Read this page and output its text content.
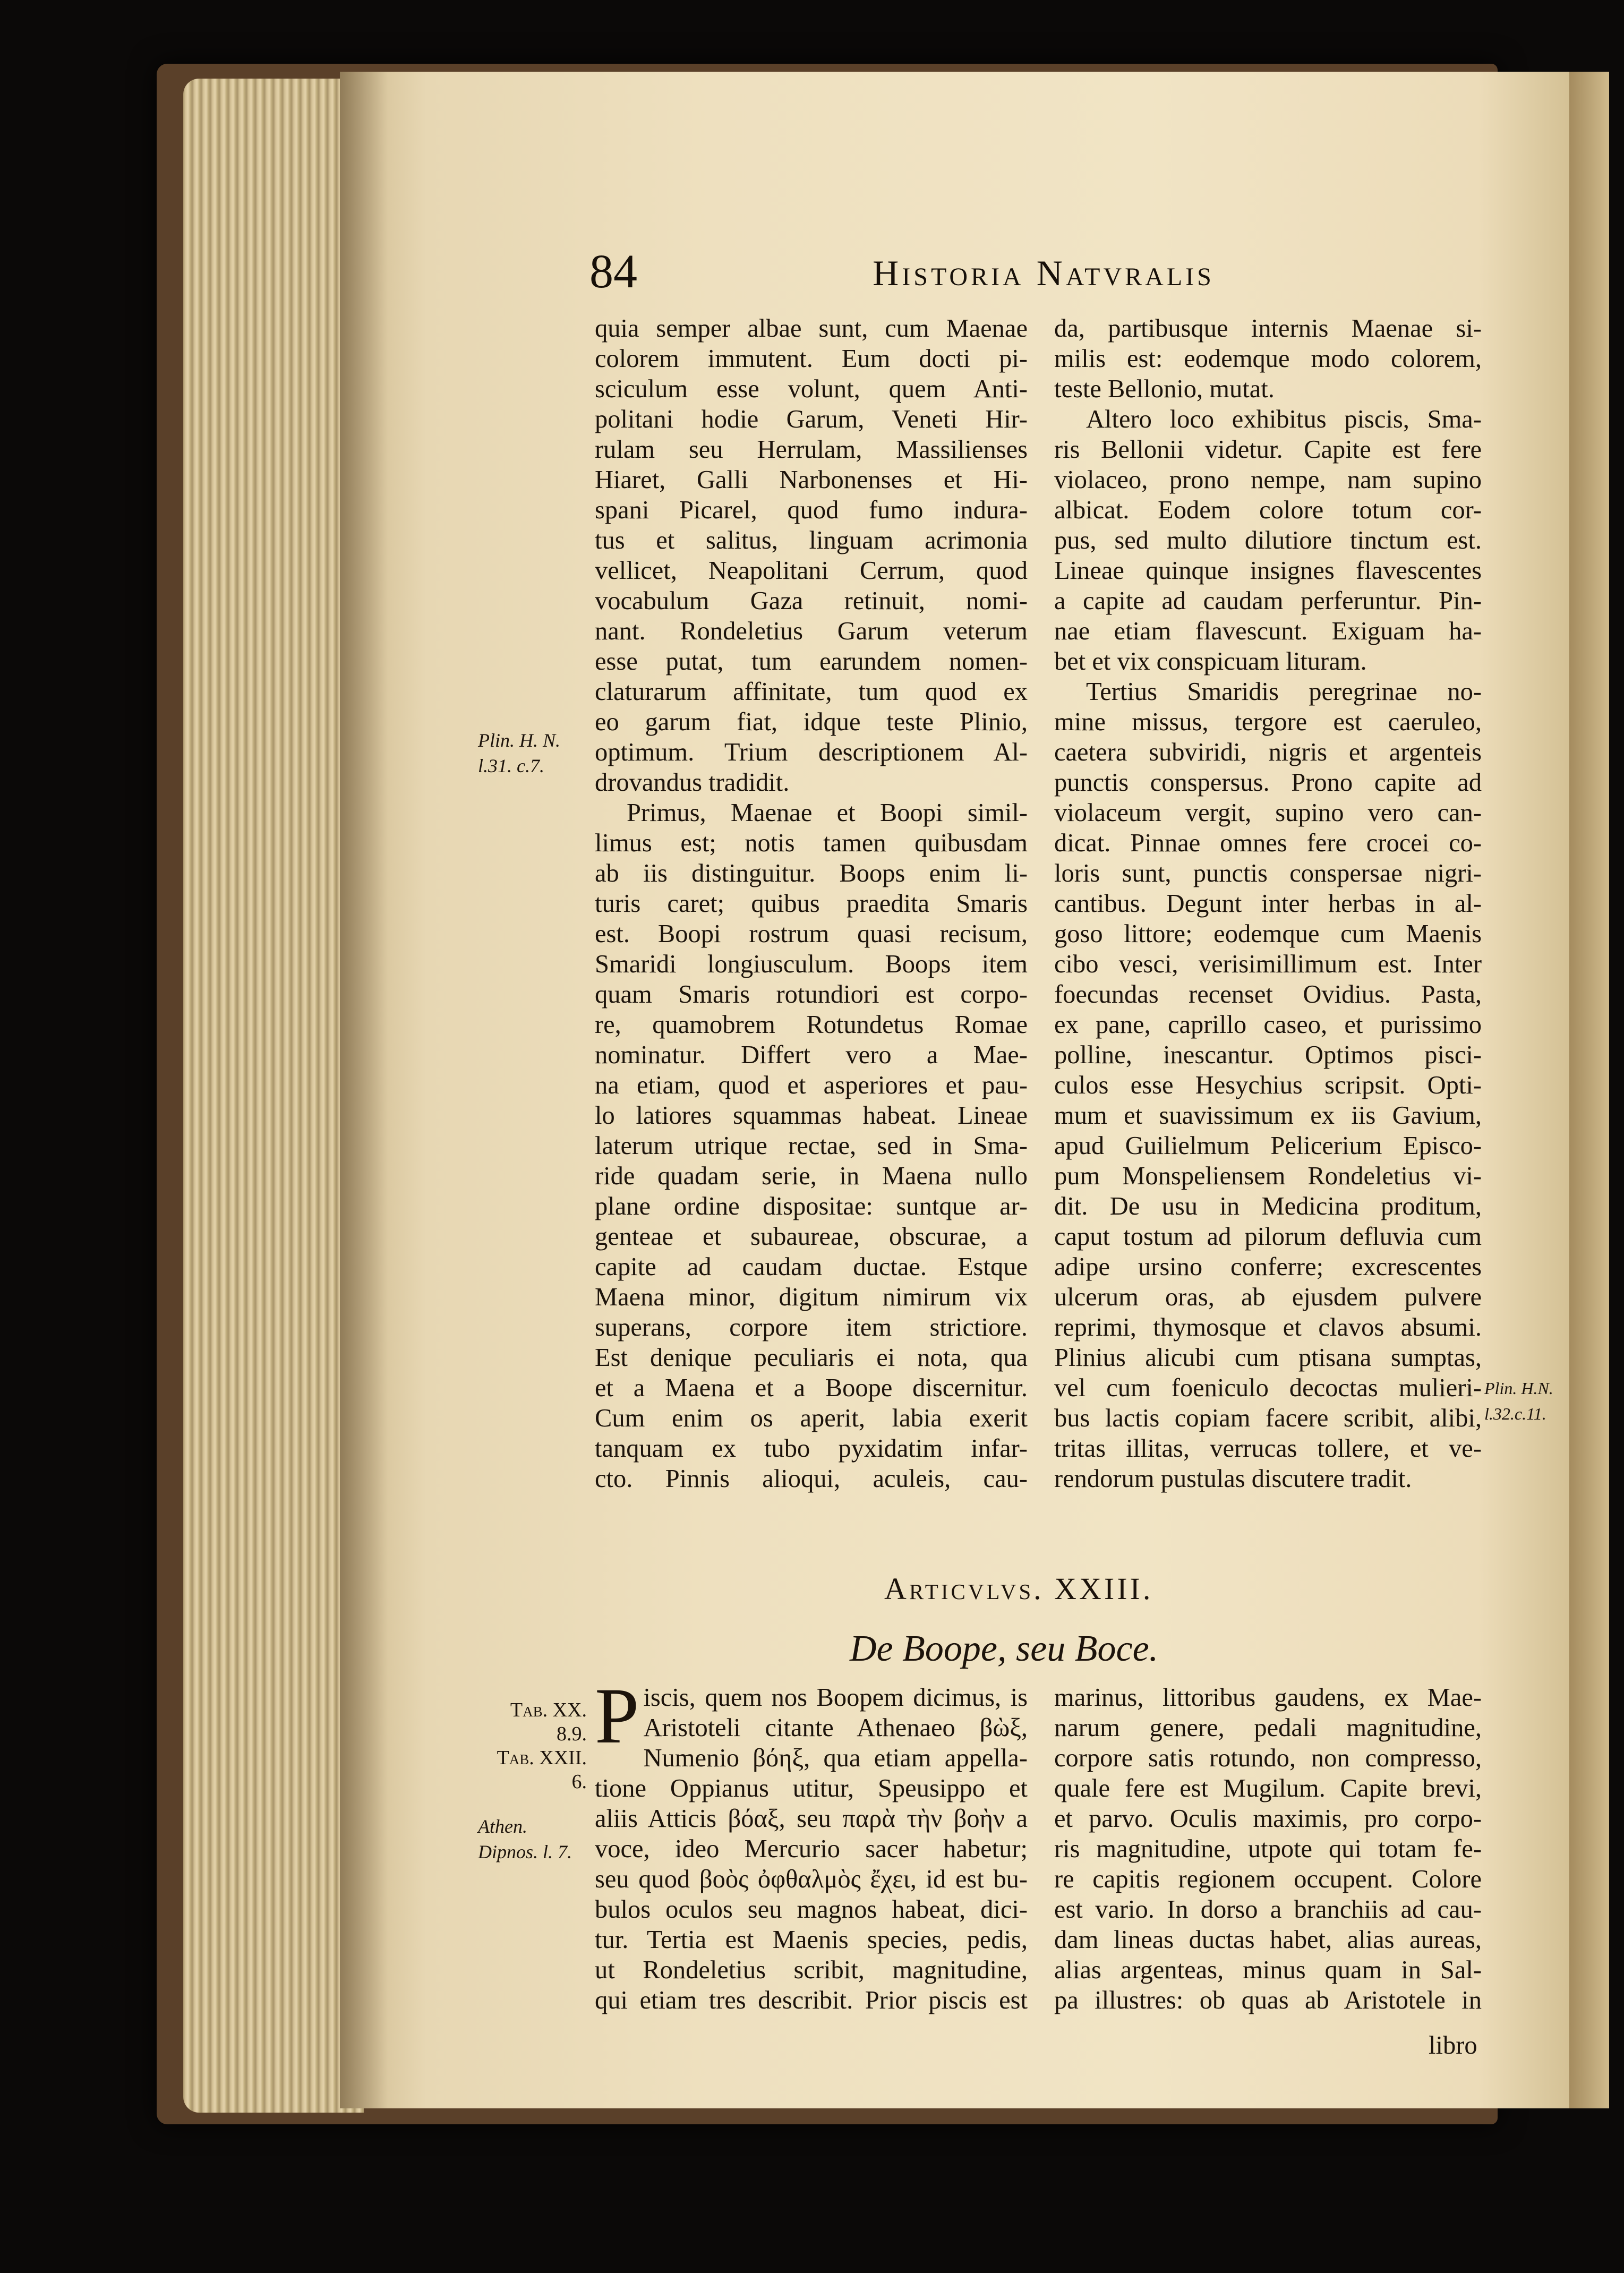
84	Historia Natvralis
Plin. H. N. l.31. c.7.
Plin. H.N. l.32.c.11.

quia semper albae sunt, cum Maenae

colorem immutent. Eum docti pi-

sciculum esse volunt, quem Anti-

politani hodie Garum, Veneti Hir-

rulam seu Herrulam, Massilienses

Hiaret, Galli Narbonenses et Hi-

spani Picarel, quod fumo indura-

tus et salitus, linguam acrimonia

vellicet, Neapolitani Cerrum, quod

vocabulum Gaza retinuit, nomi-

nant. Rondeletius Garum veterum

esse putat, tum earundem nomen-

claturarum affinitate, tum quod ex

eo garum fiat, idque teste Plinio,

optimum. Trium descriptionem Al-

drovandus tradidit.

Primus, Maenae et Boopi simil-

limus est; notis tamen quibusdam

ab iis distinguitur. Boops enim li-

turis caret; quibus praedita Smaris

est. Boopi rostrum quasi recisum,

Smaridi longiusculum. Boops item

quam Smaris rotundiori est corpo-

re, quamobrem Rotundetus Romae

nominatur. Differt vero a Mae-

na etiam, quod et asperiores et pau-

lo latiores squammas habeat. Lineae

laterum utrique rectae, sed in Sma-

ride quadam serie, in Maena nullo

plane ordine dispositae: suntque ar-

genteae et subaureae, obscurae, a

capite ad caudam ductae. Estque

Maena minor, digitum nimirum vix

superans, corpore item strictiore.

Est denique peculiaris ei nota, qua

et a Maena et a Boope discernitur.

Cum enim os aperit, labia exerit

tanquam ex tubo pyxidatim infar-

cto. Pinnis alioqui, aculeis, cau-

da, partibusque internis Maenae si-

milis est: eodemque modo colorem,

teste Bellonio, mutat.

Altero loco exhibitus piscis, Sma-

ris Bellonii videtur. Capite est fere

violaceo, prono nempe, nam supino

albicat. Eodem colore totum cor-

pus, sed multo dilutiore tinctum est.

Lineae quinque insignes flavescentes

a capite ad caudam perferuntur. Pin-

nae etiam flavescunt. Exiguam ha-

bet et vix conspicuam lituram.

Tertius Smaridis peregrinae no-

mine missus, tergore est caeruleo,

caetera subviridi, nigris et argenteis

punctis conspersus. Prono capite ad

violaceum vergit, supino vero can-

dicat. Pinnae omnes fere crocei co-

loris sunt, punctis conspersae nigri-

cantibus. Degunt inter herbas in al-

goso littore; eodemque cum Maenis

cibo vesci, verisimillimum est. Inter

foecundas recenset Ovidius. Pasta,

ex pane, caprillo caseo, et purissimo

polline, inescantur. Optimos pisci-

culos esse Hesychius scripsit. Opti-

mum et suavissimum ex iis Gavium,

apud Guilielmum Pelicerium Episco-

pum Monspeliensem Rondeletius vi-

dit. De usu in Medicina proditum,

caput tostum ad pilorum defluvia cum

adipe ursino conferre; excrescentes

ulcerum oras, ab ejusdem pulvere

reprimi, thymosque et clavos absumi.

Plinius alicubi cum ptisana sumptas,

vel cum foeniculo decoctas mulieri-

bus lactis copiam facere scribit, alibi,

tritas illitas, verrucas tollere, et ve-

rendorum pustulas discutere tradit.

Articvlvs. XXIII.
De Boope, seu Boce.
Tab. XX. 8.9.
Tab. XXII. 6.
Athen. Dipnos. l. 7.
P iscis, quem nos Boopem dicimus, is

Aristoteli citante Athenaeo βὼξ,

Numenio βόηξ, qua etiam appella-

tione Oppianus utitur, Speusippo et

aliis Atticis βόαξ, seu παρὰ τὴν βοὴν a

voce, ideo Mercurio sacer habetur;

seu quod βοὸς ὀφθαλμὸς ἔχει, id est bu-

bulos oculos seu magnos habeat, dici-

tur. Tertia est Maenis species, pedis,

ut Rondeletius scribit, magnitudine,

qui etiam tres describit. Prior piscis est

marinus, littoribus gaudens, ex Mae-

narum genere, pedali magnitudine,

corpore satis rotundo, non compresso,

quale fere est Mugilum. Capite brevi,

et parvo. Oculis maximis, pro corpo-

ris magnitudine, utpote qui totam fe-

re capitis regionem occupent. Colore

est vario. In dorso a branchiis ad cau-

dam lineas ductas habet, alias aureas,

alias argenteas, minus quam in Sal-

pa illustres: ob quas ab Aristotele in

libro
